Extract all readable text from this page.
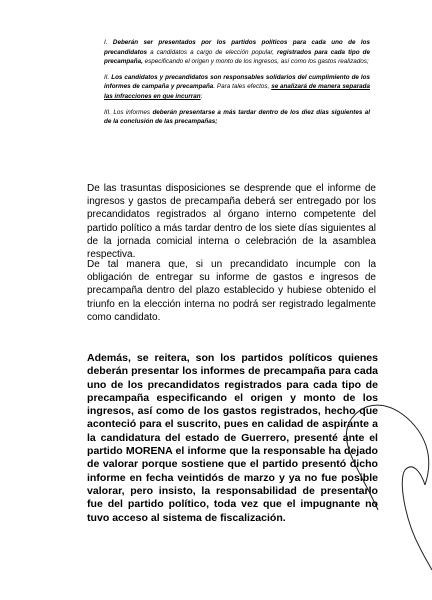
I. Deberán ser presentados por los partidos políticos para cada uno de los precandidatos a candidatos a cargo de elección popular, registrados para cada tipo de precampaña, especificando el origen y monto de los ingresos, así como los gastos realizados;

II. Los candidatos y precandidatos son responsables solidarios del cumplimiento de los informes de campaña y precampaña. Para tales efectos, se analizará de manera separada las infracciones en que incurran;

III. Los informes deberán presentarse a más tardar dentro de los diez días siguientes al de la conclusión de las precampañas;

De las trasuntas disposiciones se desprende que el informe de ingresos y gastos de precampaña deberá ser entregado por los precandidatos registrados al órgano interno competente del partido político a más tardar dentro de los siete días siguientes al de la jornada comicial interna o celebración de la asamblea respectiva.

De tal manera que, si un precandidato incumple con la obligación de entregar su informe de gastos e ingresos de precampaña dentro del plazo establecido y hubiese obtenido el triunfo en la elección interna no podrá ser registrado legalmente como candidato.

Además, se reitera, son los partidos políticos quienes deberán presentar los informes de precampaña para cada uno de los precandidatos registrados para cada tipo de precampaña especificando el origen y monto de los ingresos, así como de los gastos registrados, hecho que aconteció para el suscrito, pues en calidad de aspirante a la candidatura del estado de Guerrero, presenté ante el partido MORENA el informe que la responsable ha dejado de valorar porque sostiene que el partido presentó dicho informe en fecha veintidós de marzo y ya no fue posible valorar, pero insisto, la responsabilidad de presentarlo fue del partido político, toda vez que el impugnante no tuvo acceso al sistema de fiscalización.
